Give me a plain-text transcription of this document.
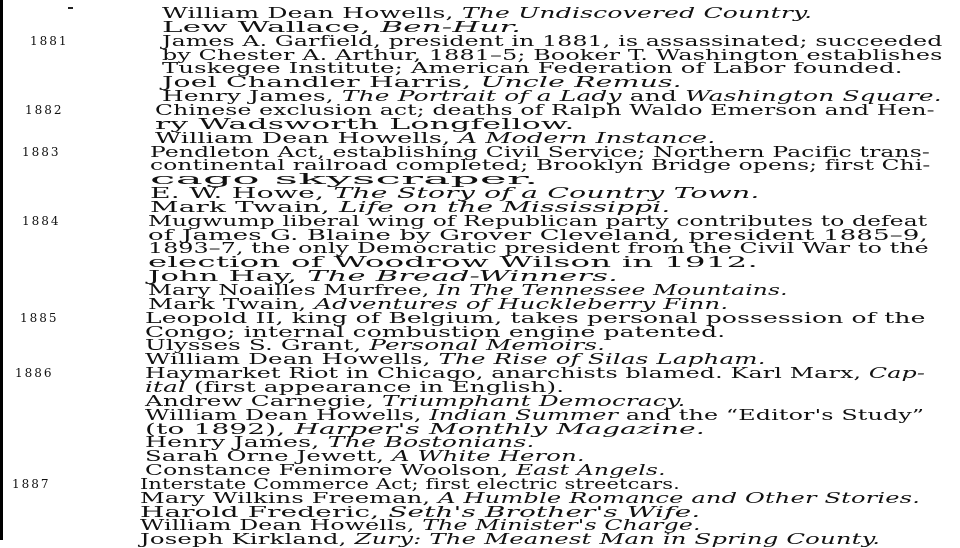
William Dean Howells, The Undiscovered Country.
Lew Wallace, Ben-Hur.
1881	James A. Garfield, president in 1881, is assassinated; succeeded
by Chester A. Arthur, 1881–5; Booker T. Washington establishes
Tuskegee Institute; American Federation of Labor founded.
Joel Chandler Harris, Uncle Remus.
Henry James, The Portrait of a Lady and Washington Square.
1882	Chinese exclusion act; deaths of Ralph Waldo Emerson and Hen-
ry Wadsworth Longfellow.
William Dean Howells, A Modern Instance.
1883	Pendleton Act, establishing Civil Service; Northern Pacific trans-
continental railroad completed; Brooklyn Bridge opens; first Chi-
cago skyscraper.
E. W. Howe, The Story of a Country Town.
Mark Twain, Life on the Mississippi.
1884	Mugwump liberal wing of Republican party contributes to defeat
of James G. Blaine by Grover Cleveland, president 1885–9,
1893–7, the only Democratic president from the Civil War to the
election of Woodrow Wilson in 1912.
John Hay, The Bread-Winners.
Mary Noailles Murfree, In The Tennessee Mountains.
Mark Twain, Adventures of Huckleberry Finn.
1885	Leopold II, king of Belgium, takes personal possession of the
Congo; internal combustion engine patented.
Ulysses S. Grant, Personal Memoirs.
William Dean Howells, The Rise of Silas Lapham.
1886	Haymarket Riot in Chicago, anarchists blamed. Karl Marx, Cap-
ital (first appearance in English).
Andrew Carnegie, Triumphant Democracy.
William Dean Howells, Indian Summer and the “Editor's Study”
(to 1892), Harper's Monthly Magazine.
Henry James, The Bostonians.
Sarah Orne Jewett, A White Heron.
Constance Fenimore Woolson, East Angels.
1887	Interstate Commerce Act; first electric streetcars.
Mary Wilkins Freeman, A Humble Romance and Other Stories.
Harold Frederic, Seth's Brother's Wife.
William Dean Howells, The Minister's Charge.
Joseph Kirkland, Zury: The Meanest Man in Spring County.
